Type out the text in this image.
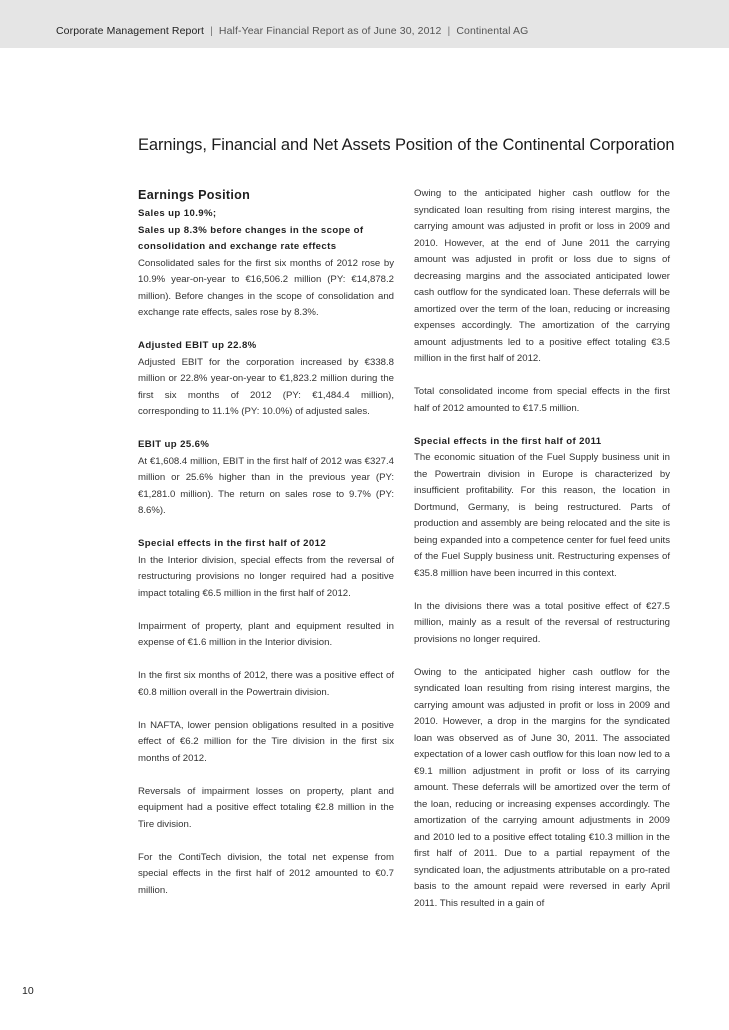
Corporate Management Report | Half-Year Financial Report as of June 30, 2012 | Continental AG
Earnings, Financial and Net Assets Position of the Continental Corporation
Earnings Position
Sales up 10.9%;
Sales up 8.3% before changes in the scope of consolidation and exchange rate effects

Consolidated sales for the first six months of 2012 rose by 10.9% year-on-year to €16,506.2 million (PY: €14,878.2 million). Before changes in the scope of consolidation and exchange rate effects, sales rose by 8.3%.

Adjusted EBIT up 22.8%

Adjusted EBIT for the corporation increased by €338.8 million or 22.8% year-on-year to €1,823.2 million during the first six months of 2012 (PY: €1,484.4 million), corresponding to 11.1% (PY: 10.0%) of adjusted sales.

EBIT up 25.6%

At €1,608.4 million, EBIT in the first half of 2012 was €327.4 million or 25.6% higher than in the previous year (PY: €1,281.0 million). The return on sales rose to 9.7% (PY: 8.6%).

Special effects in the first half of 2012

In the Interior division, special effects from the reversal of restructuring provisions no longer required had a positive impact totaling €6.5 million in the first half of 2012.

Impairment of property, plant and equipment resulted in expense of €1.6 million in the Interior division.

In the first six months of 2012, there was a positive effect of €0.8 million overall in the Powertrain division.

In NAFTA, lower pension obligations resulted in a positive effect of €6.2 million for the Tire division in the first six months of 2012.

Reversals of impairment losses on property, plant and equipment had a positive effect totaling €2.8 million in the Tire division.

For the ContiTech division, the total net expense from special effects in the first half of 2012 amounted to €0.7 million.

Owing to the anticipated higher cash outflow for the syndicated loan resulting from rising interest margins, the carrying amount was adjusted in profit or loss in 2009 and 2010. However, at the end of June 2011 the carrying amount was adjusted in profit or loss due to signs of decreasing margins and the associated anticipated lower cash outflow for the syndicated loan. These deferrals will be amortized over the term of the loan, reducing or increasing expenses accordingly. The amortization of the carrying amount adjustments led to a positive effect totaling €3.5 million in the first half of 2012.

Total consolidated income from special effects in the first half of 2012 amounted to €17.5 million.

Special effects in the first half of 2011

The economic situation of the Fuel Supply business unit in the Powertrain division in Europe is characterized by insufficient profitability. For this reason, the location in Dortmund, Germany, is being restructured. Parts of production and assembly are being relocated and the site is being expanded into a competence center for fuel feed units of the Fuel Supply business unit. Restructuring expenses of €35.8 million have been incurred in this context.

In the divisions there was a total positive effect of €27.5 million, mainly as a result of the reversal of restructuring provisions no longer required.

Owing to the anticipated higher cash outflow for the syndicated loan resulting from rising interest margins, the carrying amount was adjusted in profit or loss in 2009 and 2010. However, a drop in the margins for the syndicated loan was observed as of June 30, 2011. The associated expectation of a lower cash outflow for this loan now led to a €9.1 million adjustment in profit or loss of its carrying amount. These deferrals will be amortized over the term of the loan, reducing or increasing expenses accordingly. The amortization of the carrying amount adjustments in 2009 and 2010 led to a positive effect totaling €10.3 million in the first half of 2011. Due to a partial repayment of the syndicated loan, the adjustments attributable on a pro-rated basis to the amount repaid were reversed in early April 2011. This resulted in a gain of

10
